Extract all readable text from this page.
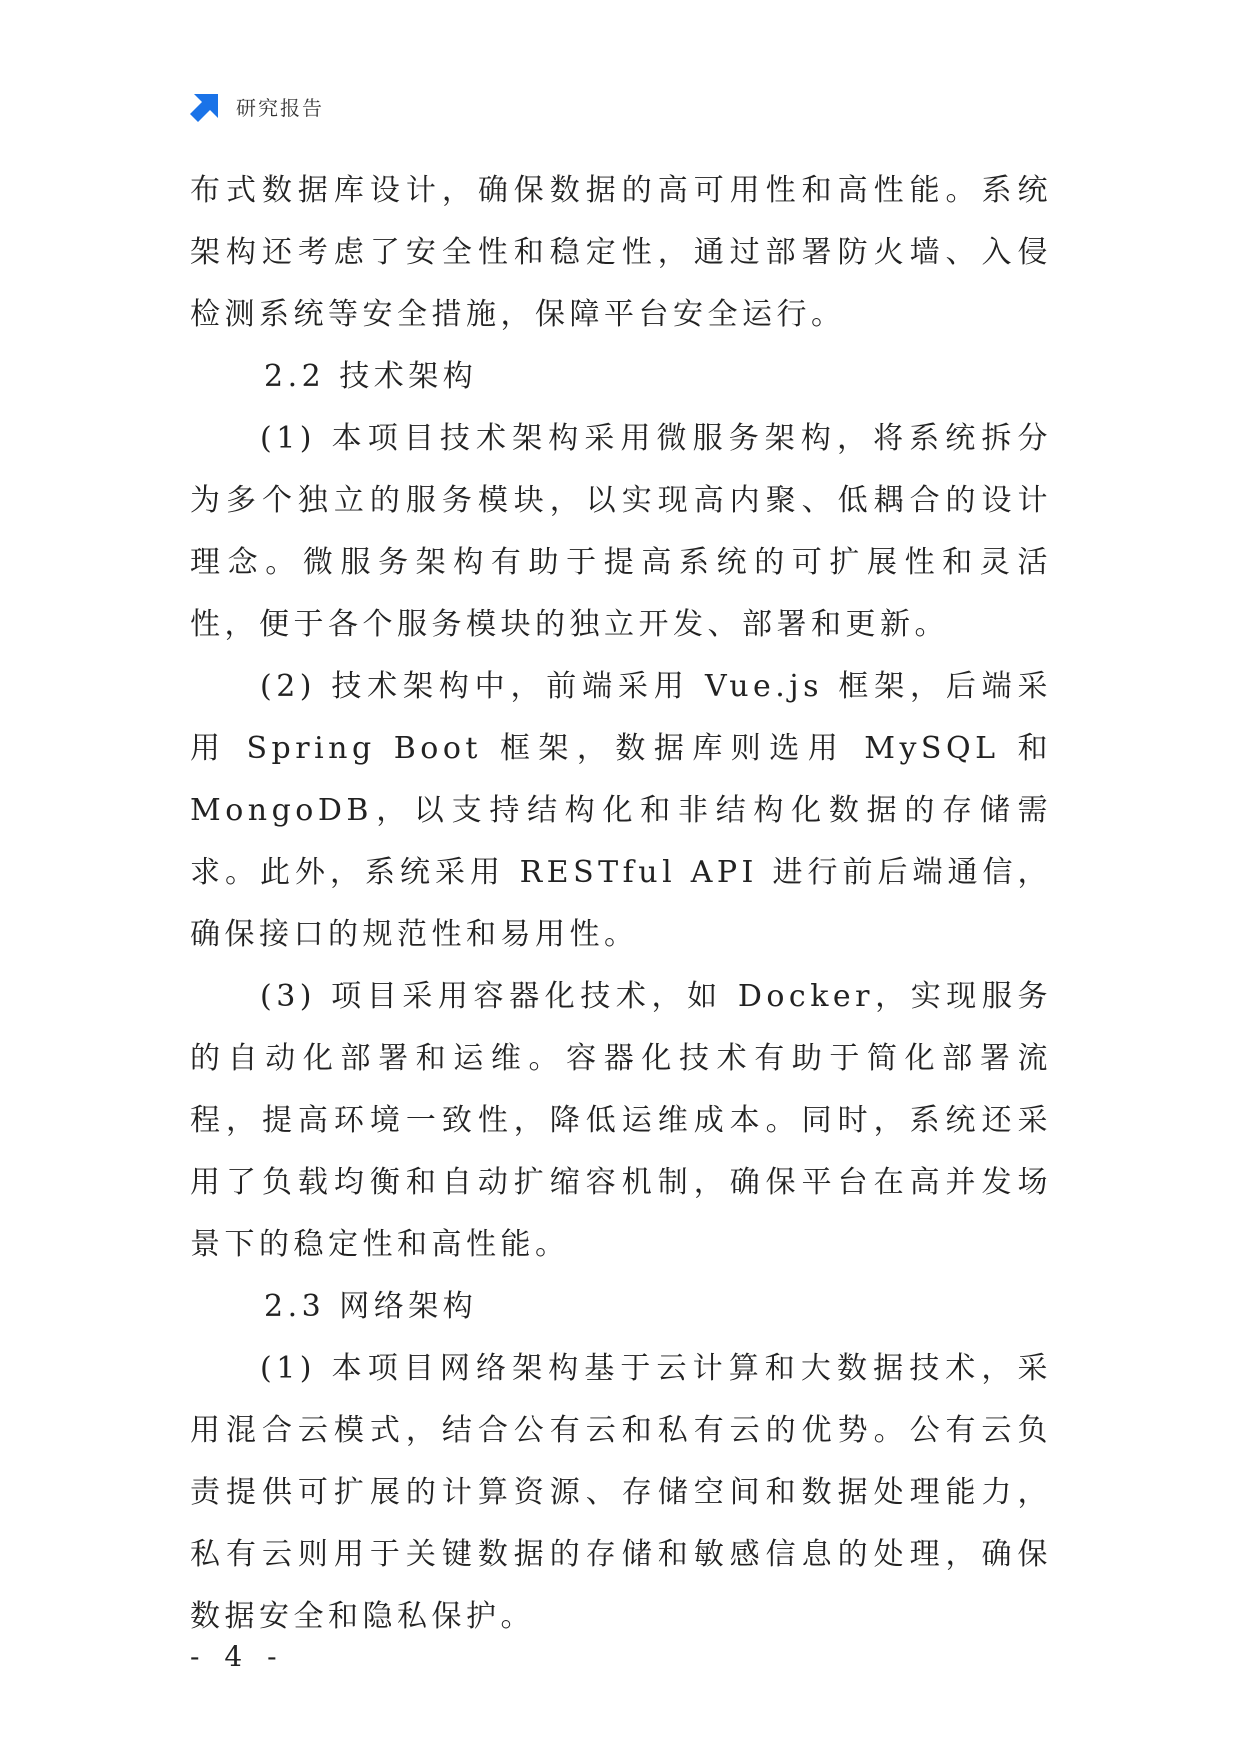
研究报告

布式数据库设计，确保数据的高可用性和高性能。系统架构还考虑了安全性和稳定性，通过部署防火墙、入侵检测系统等安全措施，保障平台安全运行。

2.2 技术架构

(1) 本项目技术架构采用微服务架构，将系统拆分为多个独立的服务模块，以实现高内聚、低耦合的设计理念。微服务架构有助于提高系统的可扩展性和灵活性，便于各个服务模块的独立开发、部署和更新。

(2) 技术架构中，前端采用 Vue.js 框架，后端采用 Spring Boot 框架，数据库则选用 MySQL 和 MongoDB，以支持结构化和非结构化数据的存储需求。此外，系统采用 RESTful API 进行前后端通信，确保接口的规范性和易用性。

(3) 项目采用容器化技术，如 Docker，实现服务的自动化部署和运维。容器化技术有助于简化部署流程，提高环境一致性，降低运维成本。同时，系统还采用了负载均衡和自动扩缩容机制，确保平台在高并发场景下的稳定性和高性能。

2.3 网络架构

(1) 本项目网络架构基于云计算和大数据技术，采用混合云模式，结合公有云和私有云的优势。公有云负责提供可扩展的计算资源、存储空间和数据处理能力，私有云则用于关键数据的存储和敏感信息的处理，确保数据安全和隐私保护。

- 4 -
